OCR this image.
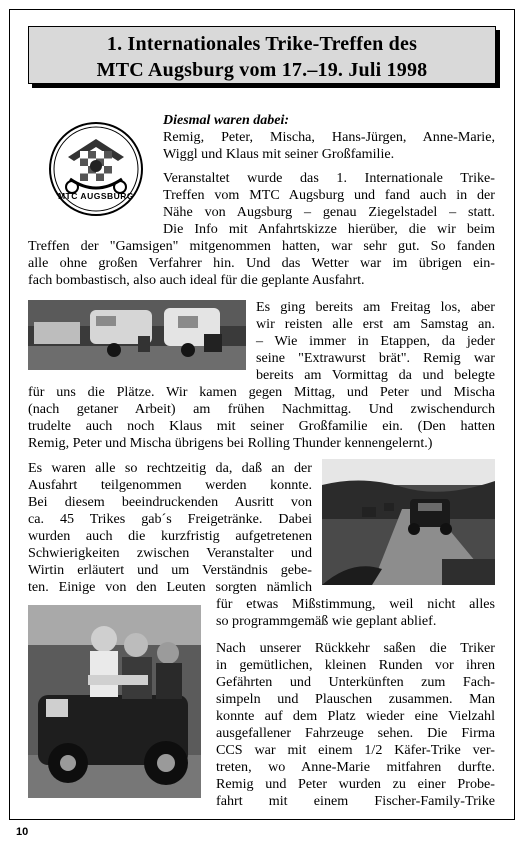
1. Internationales Trike-Treffen des
MTC Augsburg vom 17.–19. Juli 1998
MTC AUGSBURG
Diesmal waren dabei:
Remig, Peter, Mischa, Hans-Jürgen, Anne-Marie,
Wiggl und Klaus mit seiner Großfamilie.
Veranstaltet wurde das 1. Internationale Trike-
Treffen vom MTC Augsburg und fand auch in der
Nähe von Augsburg – genau Ziegelstadel – statt.
Die Info mit Anfahrtskizze hierüber, die wir beim
Treffen der "Gamsigen" mitgenommen hatten, war sehr gut. So fanden
alle ohne großen Verfahrer hin. Und das Wetter war im übrigen ein-
fach bombastisch, also auch ideal für die geplante Ausfahrt.
Es ging bereits am Freitag los, aber
wir reisten alle erst am Samstag an.
– Wie immer in Etappen, da jeder
seine "Extrawurst brät". Remig war
bereits am Vormittag da und belegte
für uns die Plätze. Wir kamen gegen Mittag, und Peter und Mischa
(nach getaner Arbeit) am frühen Nachmittag. Und zwischendurch
trudelte auch noch Klaus mit seiner Großfamilie ein. (Den hatten
Remig, Peter und Mischa übrigens bei Rolling Thunder kennengelernt.)
Es waren alle so rechtzeitig da, daß an der
Ausfahrt teilgenommen werden konnte.
Bei diesem beeindruckenden Ausritt von
ca. 45 Trikes gab´s Freigetränke. Dabei
wurden auch die kurzfristig aufgetretenen
Schwierigkeiten zwischen Veranstalter und
Wirtin erläutert und um Verständnis gebe-
ten. Einige von den Leuten sorgten nämlich
für etwas Mißstimmung, weil nicht alles
so programmgemäß wie geplant ablief.
Nach unserer Rückkehr saßen die Triker
in gemütlichen, kleinen Runden vor ihren
Gefährten und Unterkünften zum Fach-
simpeln und Plauschen zusammen. Man
konnte auf dem Platz wieder eine Vielzahl
ausgefallener Fahrzeuge sehen. Die Firma
CCS war mit einem 1/2 Käfer-Trike ver-
treten, wo Anne-Marie mitfahren durfte.
Remig und Peter wurden zu einer Probe-
fahrt mit einem Fischer-Family-Trike
10
